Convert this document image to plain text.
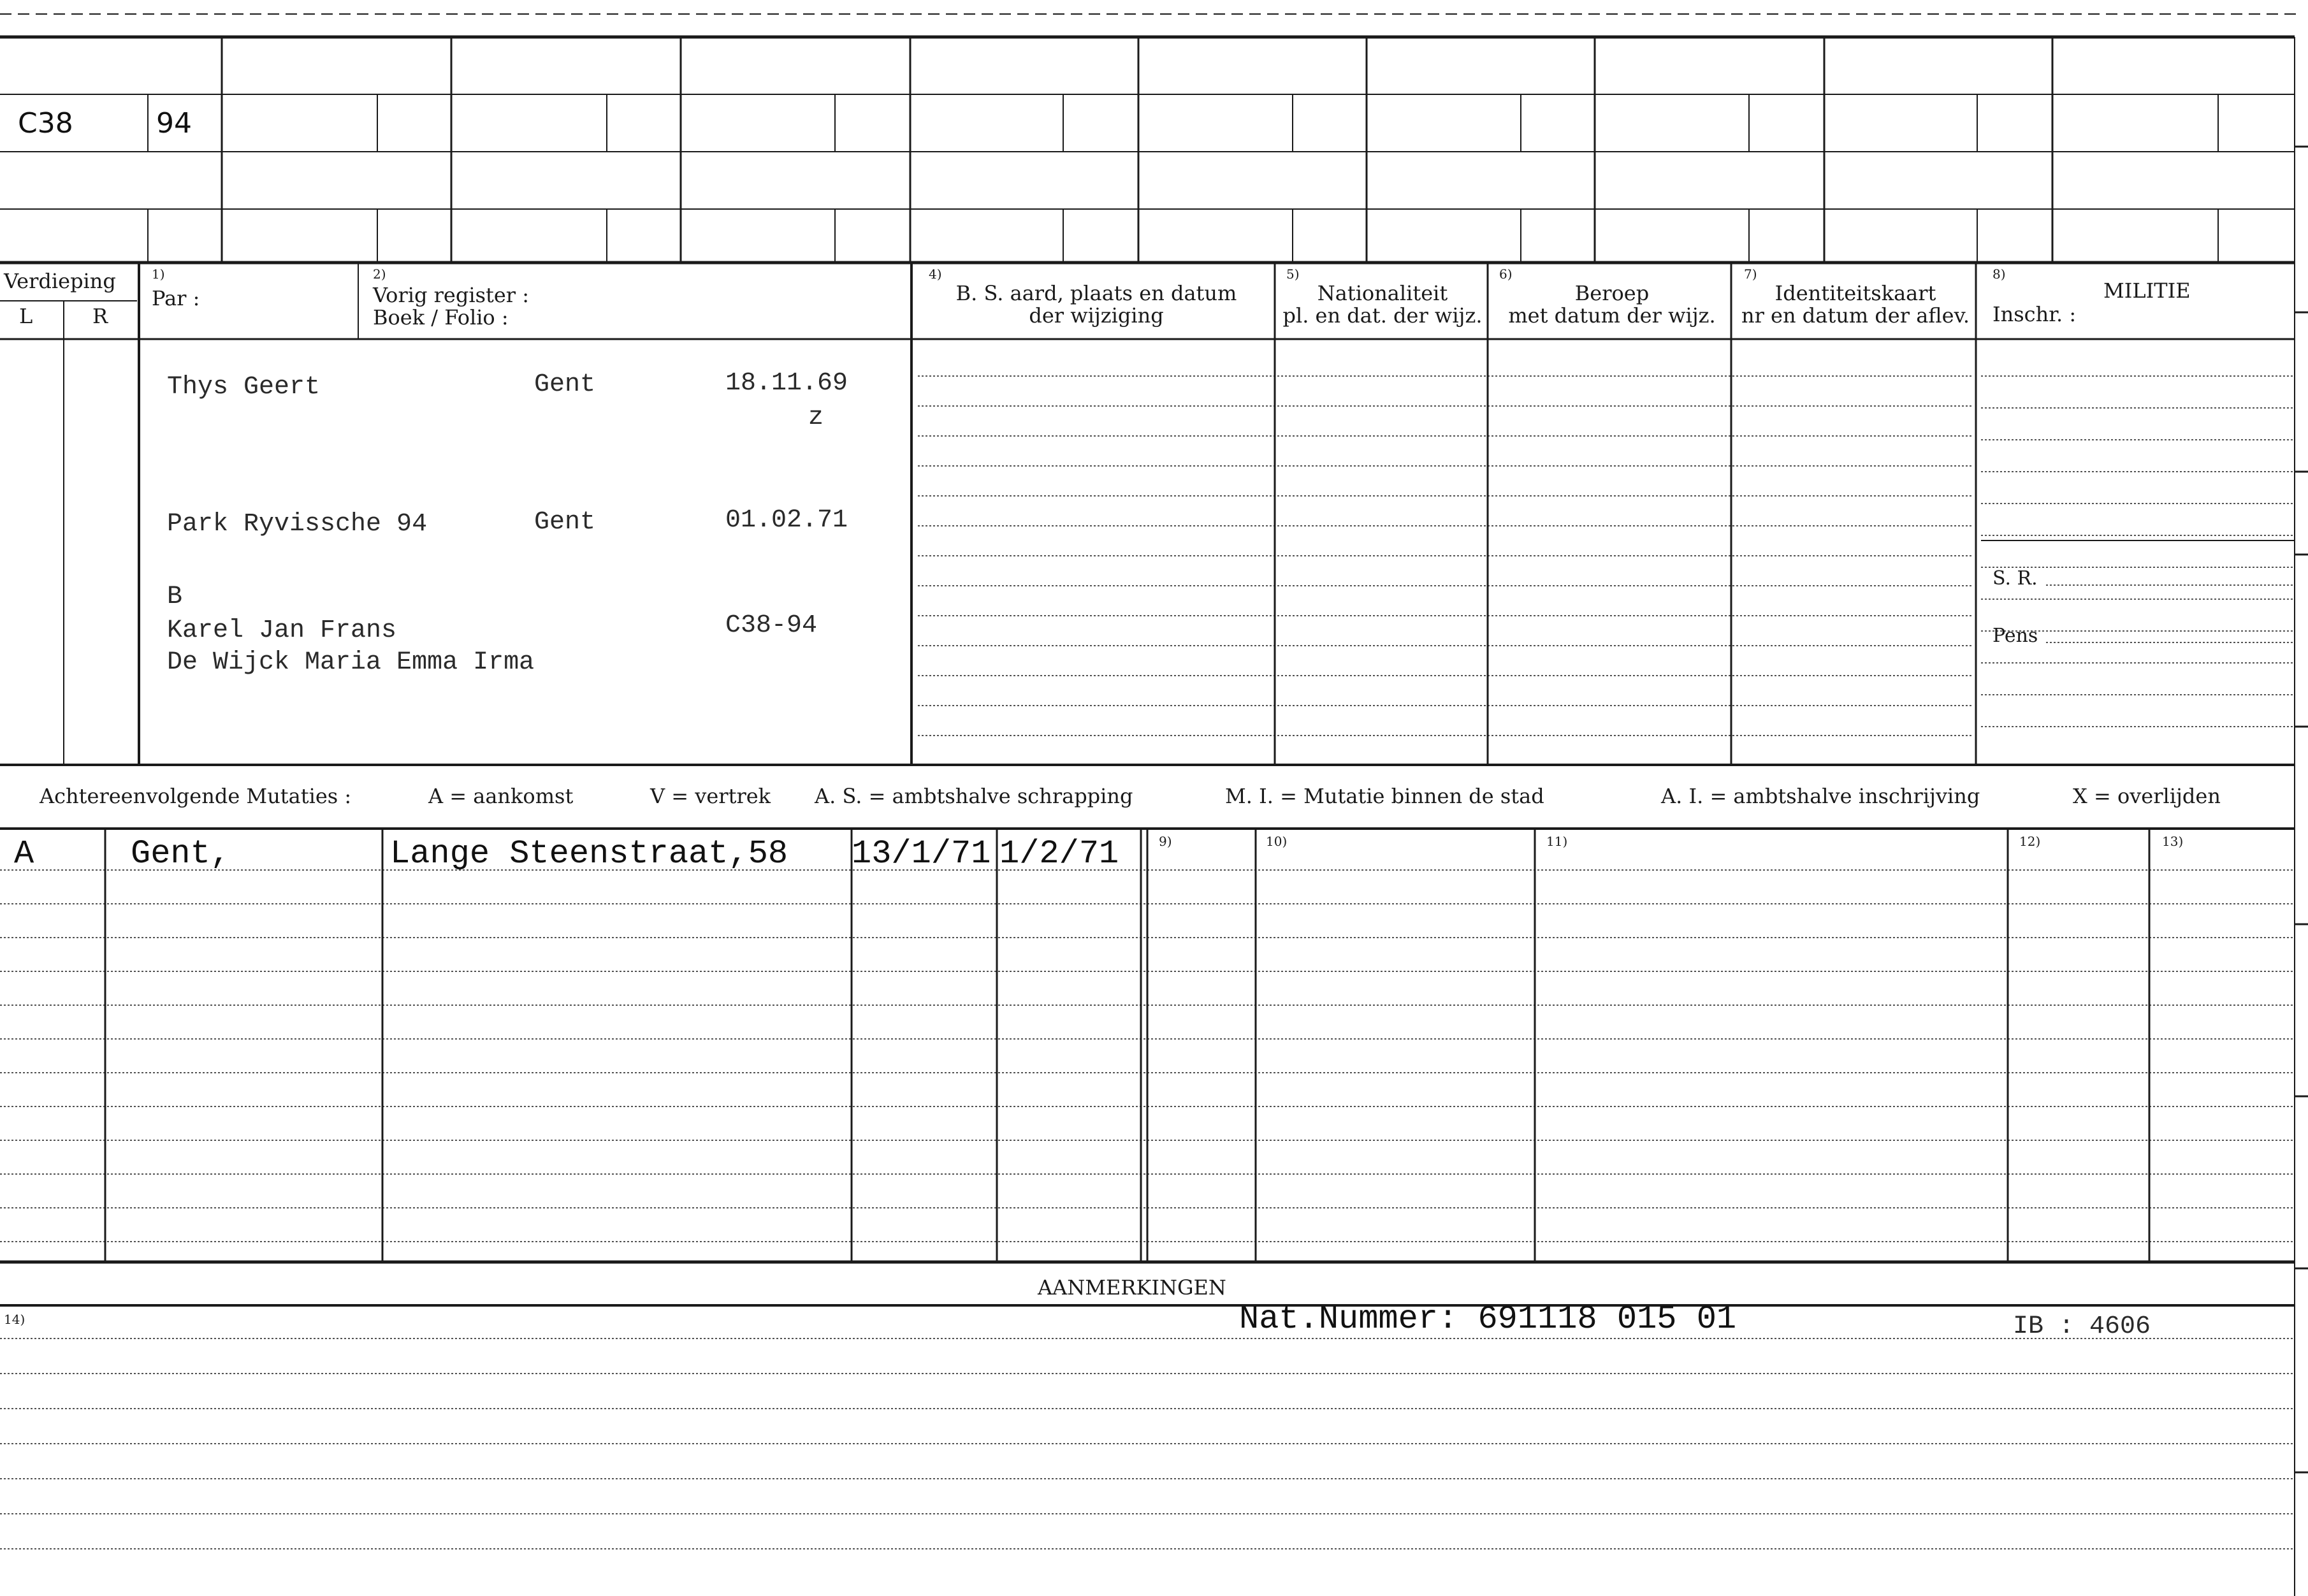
C38	94
Verdieping
L	R
1)
Par :
2)
Vorig register :
Boek / Folio :
4)
B. S. aard, plaats en datum
der wijziging
5)
Nationaliteit
pl. en dat. der wijz.
6)
Beroep
met datum der wijz.
7)
Identiteitskaart
nr en datum der aflev.
8)
MILITIE
Inschr. :
S. R.
Pens
Thys Geert	Gent	18.11.69
z
Park Ryvissche 94	Gent	01.02.71
B
Karel Jan Frans	C38-94
De Wijck Maria Emma Irma
Achtereenvolgende Mutaties :	A = aankomst	V = vertrek A. S. = ambtshalve schrapping	M. I. = Mutatie binnen de stad	A. I. = ambtshalve inschrijving	X = overlijden
9)	10)	11)	12)	13)
A	Gent,	Lange Steenstraat,58 13/1/71 1/2/71
AANMERKINGEN
14)	Nat.Nummer: 691118 015 01	IB : 4606
